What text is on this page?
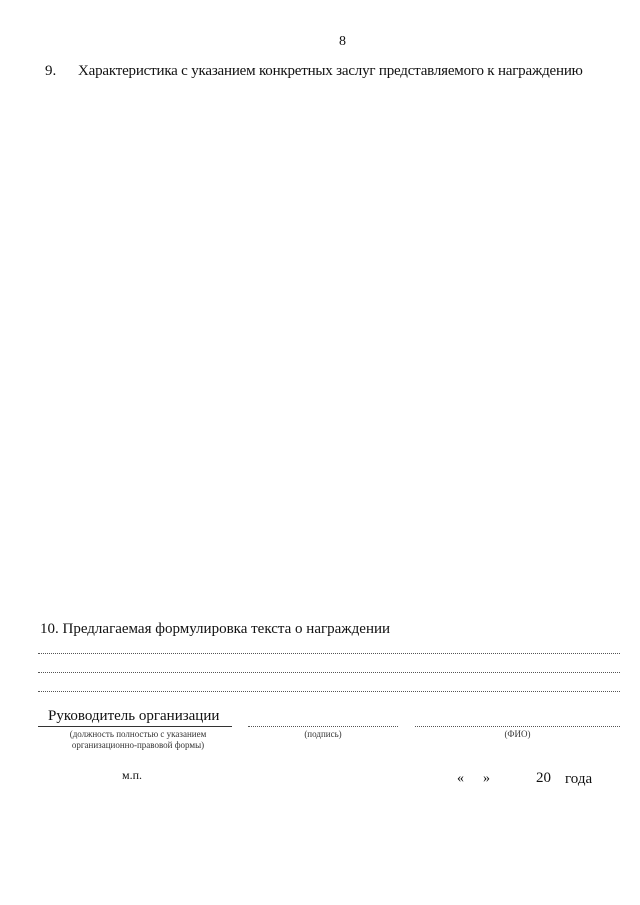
8
9. Характеристика с указанием конкретных заслуг представляемого к награждению
10. Предлагаемая формулировка текста о награждении
Руководитель организации
(должность полностью с указанием
организационно-правовой формы)
(подпись)	(ФИО)
м.п.	« »	20 года
